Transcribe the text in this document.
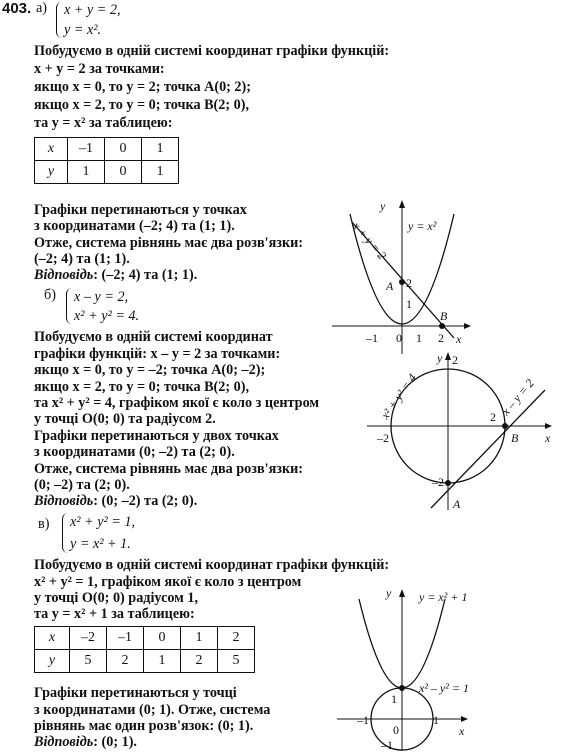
403. а) x + y = 2,
y = x².
Побудуємо в одній системі координат графіки функцій:
x + y = 2 за точками:
якщо x = 0, то y = 2; точка A(0; 2);
якщо x = 2, то y = 0; точка B(2; 0),
та y = x² за таблицею:
x	–1	0	1
y	1	0	1
Графіки перетинаються у точках
з координатами (–2; 4) та (1; 1).
Отже, система рівнянь має два розв'язки:
(–2; 4) та (1; 1).
Відповідь: (–2; 4) та (1; 1).
y
x
y = x²
x + y = 2
2
1
A
B
–1 0 1 2
б) x – y = 2,
x² + y² = 4.
Побудуємо в одній системі координат
графіки функцій: x – y = 2 за точками:
якщо x = 0, то y = –2; точка A(0; –2);
якщо x = 2, то y = 0; точка B(2; 0),
та x² + y² = 4, графіком якої є коло з центром
у точці O(0; 0) та радіусом 2.
Графіки перетинаються у двох точках
з координатами (0; –2) та (2; 0).
Отже, система рівнянь має два розв'язки:
(0; –2) та (2; 0).
Відповідь: (0; –2) та (2; 0).
y
x
x² + y² = 4	x – y = 2
2
2
–2
–2
A
B
в) x² + y² = 1,
y = x² + 1.
Побудуємо в одній системі координат графіки функцій:
x² + y² = 1, графіком якої є коло з центром
у точці O(0; 0) радіусом 1,
та y = x² + 1 за таблицею:
x	–2	–1	0	1	2
y	5	2	1	2	5
Графіки перетинаються у точці
з координатами (0; 1). Отже, система
рівнянь має один розв'язок: (0; 1).
Відповідь: (0; 1).
y
x
y = x² + 1
x² – y² = 1
1
–1
0
1
–1
